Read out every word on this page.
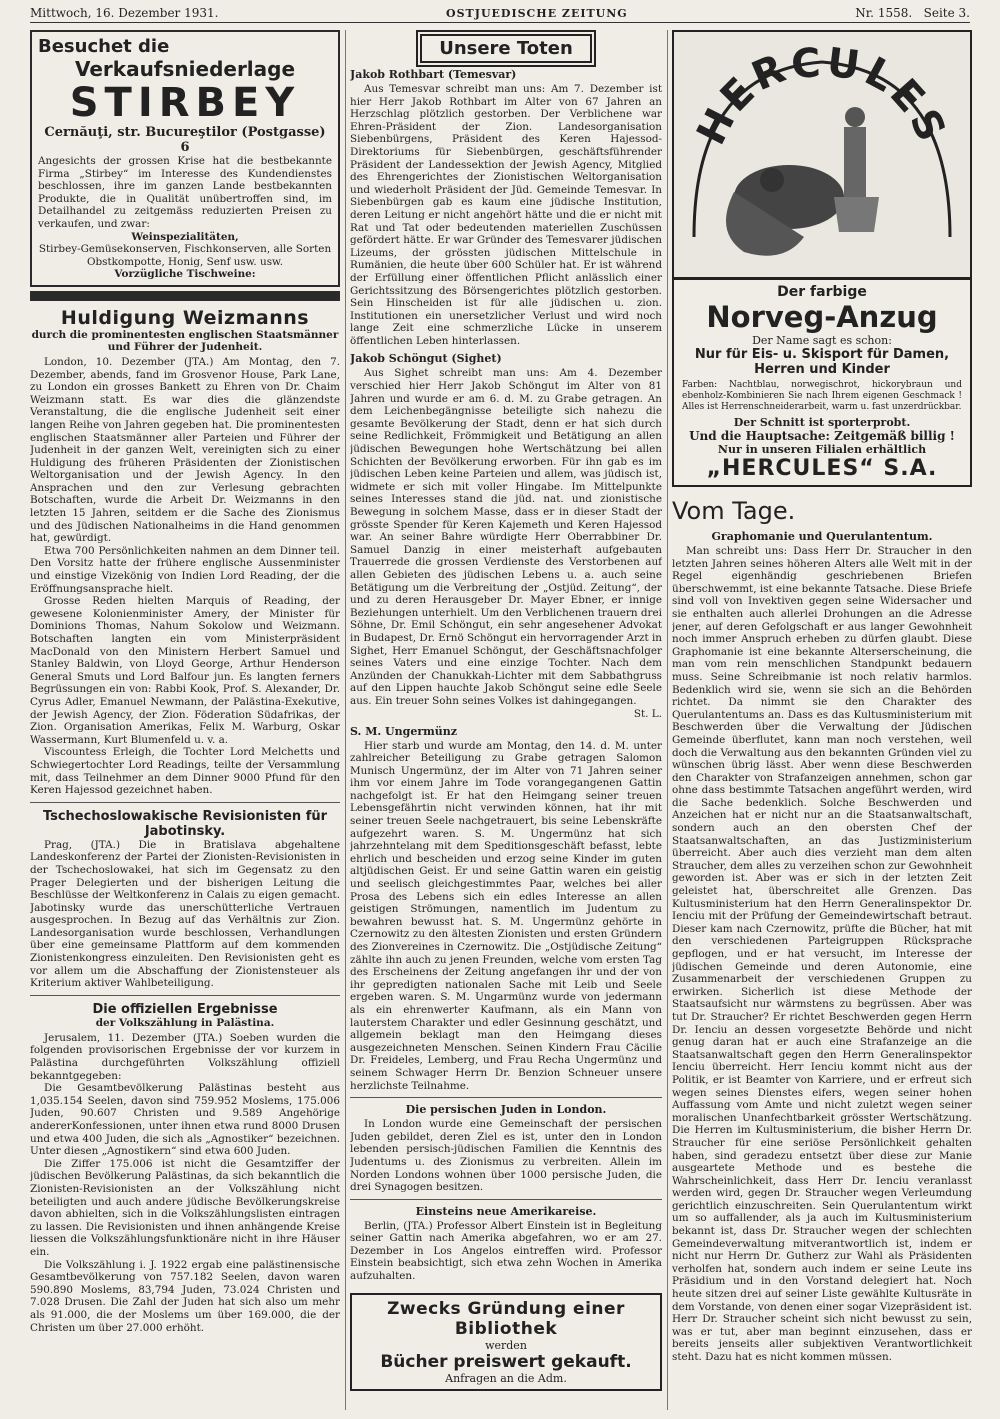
Mittwoch, 16. Dezember 1931.	OSTJUEDISCHE ZEITUNG	Nr. 1558. Seite 3.
Besuchet die
Verkaufsniederlage
STIRBEY
Cernăuţi, str. Bucureştilor (Postgasse) 6

Angesichts der grossen Krise hat die bestbekannte Firma „Stirbey“ im Interesse des Kundendienstes beschlossen, ihre im ganzen Lande bestbekannten Produkte, die in Qualität unübertroffen sind, im Detailhandel zu zeitgemäss reduzierten Preisen zu verkaufen, und zwar:

Weinspezialitäten,

Stirbey-Gemüsekonserven, Fischkonserven, alle Sorten Obstkompotte, Honig, Senf usw. usw.

Vorzügliche Tischweine:

Huldigung Weizmanns
durch die prominentesten englischen Staatsmänner und Führer der Judenheit.

London, 10. Dezember (JTA.) Am Montag, den 7. Dezember, abends, fand im Grosvenor House, Park Lane, zu London ein grosses Bankett zu Ehren von Dr. Chaim Weizmann statt. Es war dies die glänzendste Veranstaltung, die die englische Judenheit seit einer langen Reihe von Jahren gegeben hat. Die prominentesten englischen Staatsmänner aller Parteien und Führer der Judenheit in der ganzen Welt, vereinigten sich zu einer Huldigung des früheren Präsidenten der Zionistischen Weltorganisation und der Jewish Agency. In den Ansprachen und den zur Verlesung gebrachten Botschaften, wurde die Arbeit Dr. Weizmanns in den letzten 15 Jahren, seitdem er die Sache des Zionismus und des Jüdischen Nationalheims in die Hand genommen hat, gewürdigt.

Etwa 700 Persönlichkeiten nahmen an dem Dinner teil. Den Vorsitz hatte der frühere englische Aussenminister und einstige Vizekönig von Indien Lord Reading, der die Eröffnungsansprache hielt.

Grosse Reden hielten Marquis of Reading, der gewesene Kolonienminister Amery, der Minister für Dominions Thomas, Nahum Sokolow und Weizmann. Botschaften langten ein vom Ministerpräsident MacDonald von den Ministern Herbert Samuel und Stanley Baldwin, von Lloyd George, Arthur Henderson General Smuts und Lord Balfour jun. Es langten ferners Begrüssungen ein von: Rabbi Kook, Prof. S. Alexander, Dr. Cyrus Adler, Emanuel Newmann, der Palästina-Exekutive, der Jewish Agency, der Zion. Föderation Südafrikas, der Zion. Organisation Amerikas, Felix M. Warburg, Oskar Wassermann, Kurt Blumenfeld u. v. a.

Viscountess Erleigh, die Tochter Lord Melchetts und Schwiegertochter Lord Readings, teilte der Versammlung mit, dass Teilnehmer an dem Dinner 9000 Pfund für den Keren Hajessod gezeichnet haben.

Tschechoslowakische Revisionisten für Jabotinsky.

Prag, (JTA.) Die in Bratislava abgehaltene Landeskonferenz der Partei der Zionisten-Revisionisten in der Tschechoslowakei, hat sich im Gegensatz zu den Prager Delegierten und der bisherigen Leitung die Beschlüsse der Weltkonferenz in Calais zu eigen gemacht. Jabotinsky wurde das unerschütterliche Vertrauen ausgesprochen. In Bezug auf das Verhältnis zur Zion. Landesorganisation wurde beschlossen, Verhandlungen über eine gemeinsame Plattform auf dem kommenden Zionistenkongress einzuleiten. Den Revisionisten geht es vor allem um die Abschaffung der Zionistensteuer als Kriterium aktiver Wahlbeteiligung.

Die offiziellen Ergebnisse
der Volkszählung in Palästina.

Jerusalem, 11. Dezember (JTA.) Soeben wurden die folgenden provisorischen Ergebnisse der vor kurzem in Palästina durchgeführten Volkszählung offiziell bekanntgegeben:

Die Gesamtbevölkerung Palästinas besteht aus 1,035.154 Seelen, davon sind 759.952 Moslems, 175.006 Juden, 90.607 Christen und 9.589 Angehörige andererKonfessionen, unter ihnen etwa rund 8000 Drusen und etwa 400 Juden, die sich als „Agnostiker“ bezeichnen. Unter diesen „Agnostikern“ sind etwa 600 Juden.

Die Ziffer 175.006 ist nicht die Gesamtziffer der jüdischen Bevölkerung Palästinas, da sich bekanntlich die Zionisten-Revisionisten an der Volkszählung nicht beteiligten und auch andere jüdische Bevölkerungskreise davon abhielten, sich in die Volkszählungslisten eintragen zu lassen. Die Revisionisten und ihnen anhängende Kreise liessen die Volkszählungsfunktionäre nicht in ihre Häuser ein.

Die Volkszählung i. J. 1922 ergab eine palästinensische Gesamtbevölkerung von 757.182 Seelen, davon waren 590.890 Moslems, 83,794 Juden, 73.024 Christen und 7.028 Drusen. Die Zahl der Juden hat sich also um mehr als 91.000, die der Moslems um über 169.000, die der Christen um über 27.000 erhöht.

Unsere Toten
Jakob Rothbart (Temesvar)

Aus Temesvar schreibt man uns: Am 7. Dezember ist hier Herr Jakob Rothbart im Alter von 67 Jahren an Herzschlag plötzlich gestorben. Der Verblichene war Ehren-Präsident der Zion. Landesorganisation Siebenbürgens, Präsident des Keren Hajessod-Direktoriums für Siebenbürgen, geschäftsführender Präsident der Landessektion der Jewish Agency, Mitglied des Ehrengerichtes der Zionistischen Weltorganisation und wiederholt Präsident der Jüd. Gemeinde Temesvar. In Siebenbürgen gab es kaum eine jüdische Institution, deren Leitung er nicht angehört hätte und die er nicht mit Rat und Tat oder bedeutenden materiellen Zuschüssen gefördert hätte. Er war Gründer des Temesvarer jüdischen Lizeums, der grössten jüdischen Mittelschule in Rumänien, die heute über 600 Schüler hat. Er ist während der Erfüllung einer öffentlichen Pflicht anlässlich einer Gerichtssitzung des Börsengerichtes plötzlich gestorben. Sein Hinscheiden ist für alle jüdischen u. zion. Institutionen ein unersetzlicher Verlust und wird noch lange Zeit eine schmerzliche Lücke in unserem öffentlichen Leben hinterlassen.

Jakob Schöngut (Sighet)

Aus Sighet schreibt man uns: Am 4. Dezember verschied hier Herr Jakob Schöngut im Alter von 81 Jahren und wurde er am 6. d. M. zu Grabe getragen. An dem Leichenbegängnisse beteiligte sich nahezu die gesamte Bevölkerung der Stadt, denn er hat sich durch seine Redlichkeit, Frömmigkeit und Betätigung an allen jüdischen Bewegungen hohe Wertschätzung bei allen Schichten der Bevölkerung erworben. Für ihn gab es im jüdischen Leben keine Parteien und allem, was jüdisch ist, widmete er sich mit voller Hingabe. Im Mittelpunkte seines Interesses stand die jüd. nat. und zionistische Bewegung in solchem Masse, dass er in dieser Stadt der grösste Spender für Keren Kajemeth und Keren Hajessod war. An seiner Bahre würdigte Herr Oberrabbiner Dr. Samuel Danzig in einer meisterhaft aufgebauten Trauerrede die grossen Verdienste des Verstorbenen auf allen Gebieten des jüdischen Lebens u. a. auch seine Betätigung um die Verbreitung der „Ostjüd. Zeitung“, der und zu deren Herausgeber Dr. Mayer Ebner, er innige Beziehungen unterhielt. Um den Verblichenen trauern drei Söhne, Dr. Emil Schöngut, ein sehr angesehener Advokat in Budapest, Dr. Ernö Schöngut ein hervorragender Arzt in Sighet, Herr Emanuel Schöngut, der Geschäftsnachfolger seines Vaters und eine einzige Tochter. Nach dem Anzünden der Chanukkah-Lichter mit dem Sabbathgruss auf den Lippen hauchte Jakob Schöngut seine edle Seele aus. Ein treuer Sohn seines Volkes ist dahingegangen.

St. L.
S. M. Ungermünz

Hier starb und wurde am Montag, den 14. d. M. unter zahlreicher Beteiligung zu Grabe getragen Salomon Munisch Ungermünz, der im Alter von 71 Jahren seiner ihm vor einem Jahre im Tode vorangegangenen Gattin nachgefolgt ist. Er hat den Heimgang seiner treuen Lebensgefährtin nicht verwinden können, hat ihr mit seiner treuen Seele nachgetrauert, bis seine Lebenskräfte aufgezehrt waren. S. M. Ungermünz hat sich jahrzehntelang mit dem Speditionsgeschäft befasst, lebte ehrlich und bescheiden und erzog seine Kinder im guten altjüdischen Geist. Er und seine Gattin waren ein geistig und seelisch gleichgestimmtes Paar, welches bei aller Prosa des Lebens sich ein edles Interesse an allen geistigen Strömungen, namentlich im Judentum zu bewahren bewusst hat. S. M. Ungermünz gehörte in Czernowitz zu den ältesten Zionisten und ersten Gründern des Zionvereines in Czernowitz. Die „Ostjüdische Zeitung“ zählte ihn auch zu jenen Freunden, welche vom ersten Tag des Erscheinens der Zeitung angefangen ihr und der von ihr gepredigten nationalen Sache mit Leib und Seele ergeben waren. S. M. Ungarmünz wurde von jedermann als ein ehrenwerter Kaufmann, als ein Mann von lauterstem Charakter und edler Gesinnung geschätzt, und allgemein beklagt man den Heimgang dieses ausgezeichneten Menschen. Seinen Kindern Frau Cäcilie Dr. Freideles, Lemberg, und Frau Recha Ungermünz und seinem Schwager Herrn Dr. Benzion Schneuer unsere herzlichste Teilnahme.

Die persischen Juden in London.

In London wurde eine Gemeinschaft der persischen Juden gebildet, deren Ziel es ist, unter den in London lebenden persisch-jüdischen Familien die Kenntnis des Judentums u. des Zionismus zu verbreiten. Allein im Norden Londons wohnen über 1000 persische Juden, die drei Synagogen besitzen.

Einsteins neue Amerikareise.

Berlin, (JTA.) Professor Albert Einstein ist in Begleitung seiner Gattin nach Amerika abgefahren, wo er am 27. Dezember in Los Angelos eintreffen wird. Professor Einstein beabsichtigt, sich etwa zehn Wochen in Amerika aufzuhalten.

Zwecks Gründung einer Bibliothek
werden
Bücher preiswert gekauft.
Anfragen an die Adm.
HERCULES
Der farbige
Norveg-Anzug
Der Name sagt es schon:
Nur für Eis- u. Skisport für Damen, Herren und Kinder
Farben: Nachtblau, norwegischrot, hickorybraun und ebenholz-Kombinieren Sie nach Ihrem eigenen Geschmack ! Alles ist Herrenschneiderarbeit, warm u. fast unzerdrückbar.
Der Schnitt ist sporterprobt.
Und die Hauptsache: Zeitgemäß billig !
Nur in unseren Filialen erhältlich
„HERCULES“ S.A.
Vom Tage.
Graphomanie und Querulantentum.

Man schreibt uns: Dass Herr Dr. Straucher in den letzten Jahren seines höheren Alters alle Welt mit in der Regel eigenhändig geschriebenen Briefen überschwemmt, ist eine bekannte Tatsache. Diese Briefe sind voll von Invektiven gegen seine Widersacher und sie enthalten auch allerlei Drohungen an die Adresse jener, auf deren Gefolgschaft er aus langer Gewohnheit noch immer Anspruch erheben zu dürfen glaubt. Diese Graphomanie ist eine bekannte Alterserscheinung, die man vom rein menschlichen Standpunkt bedauern muss. Seine Schreibmanie ist noch relativ harmlos. Bedenklich wird sie, wenn sie sich an die Behörden richtet. Da nimmt sie den Charakter des Querulantentums an. Dass es das Kultusministerium mit Beschwerden über die Verwaltung der Jüdischen Gemeinde überflutet, kann man noch verstehen, weil doch die Verwaltung aus den bekannten Gründen viel zu wünschen übrig lässt. Aber wenn diese Beschwerden den Charakter von Strafanzeigen annehmen, schon gar ohne dass bestimmte Tatsachen angeführt werden, wird die Sache bedenklich. Solche Beschwerden und Anzeichen hat er nicht nur an die Staatsanwaltschaft, sondern auch an den obersten Chef der Staatsanwaltschaften, an das Justizministerium überreicht. Aber auch dies verzieht man dem alten Straucher, dem alles zu verzeihen schon zur Gewohnheit geworden ist. Aber was er sich in der letzten Zeit geleistet hat, überschreitet alle Grenzen. Das Kultusministerium hat den Herrn Generalinspektor Dr. Ienciu mit der Prüfung der Gemeindewirtschaft betraut. Dieser kam nach Czernowitz, prüfte die Bücher, hat mit den verschiedenen Parteigruppen Rücksprache gepflogen, und er hat versucht, im Interesse der jüdischen Gemeinde und deren Autonomie, eine Zusammenarbeit der verschiedenen Gruppen zu erwirken. Sicherlich ist diese Methode der Staatsaufsicht nur wärmstens zu begrüssen. Aber was tut Dr. Straucher? Er richtet Beschwerden gegen Herrn Dr. Ienciu an dessen vorgesetzte Behörde und nicht genug daran hat er auch eine Strafanzeige an die Staatsanwaltschaft gegen den Herrn Generalinspektor Ienciu überreicht. Herr Ienciu kommt nicht aus der Politik, er ist Beamter von Karriere, und er erfreut sich wegen seines Dienstes eifers, wegen seiner hohen Auffassung vom Amte und nicht zuletzt wegen seiner moralischen Unanfechtbarkeit grösster Wertschätzung. Die Herren im Kultusministerium, die bisher Herrn Dr. Straucher für eine seriöse Persönlichkeit gehalten haben, sind geradezu entsetzt über diese zur Manie ausgeartete Methode und es bestehe die Wahrscheinlichkeit, dass Herr Dr. Ienciu veranlasst werden wird, gegen Dr. Straucher wegen Verleumdung gerichtlich einzuschreiten. Sein Querulantentum wirkt um so auffallender, als ja auch im Kultusministerium bekannt ist, dass Dr. Straucher wegen der schlechten Gemeindeverwaltung mitverantwortlich ist, indem er nicht nur Herrn Dr. Gutherz zur Wahl als Präsidenten verholfen hat, sondern auch indem er seine Leute ins Präsidium und in den Vorstand delegiert hat. Noch heute sitzen drei auf seiner Liste gewählte Kultusräte in dem Vorstande, von denen einer sogar Vizepräsident ist. Herr Dr. Straucher scheint sich nicht bewusst zu sein, was er tut, aber man beginnt einzusehen, dass er bereits jenseits aller subjektiven Verantwortlichkeit steht. Dazu hat es nicht kommen müssen.
